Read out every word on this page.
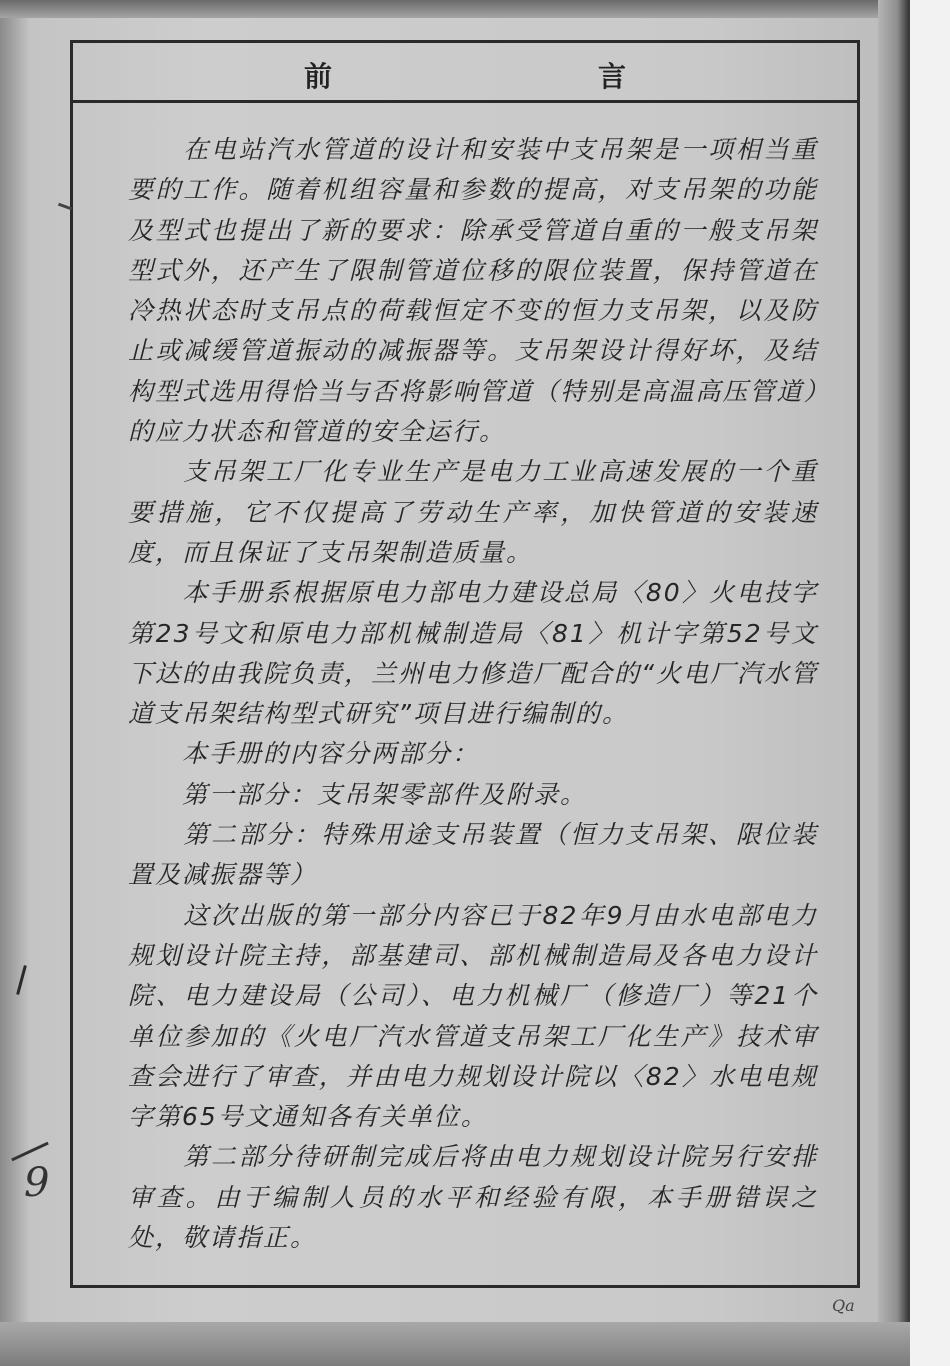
前　　言

　　在电站汽水管道的设计和安装中支吊架是一项相当重要的工作。随着机组容量和参数的提高，对支吊架的功能及型式也提出了新的要求：除承受管道自重的一般支吊架型式外，还产生了限制管道位移的限位装置，保持管道在冷热状态时支吊点的荷载恒定不变的恒力支吊架，以及防止或减缓管道振动的减振器等。支吊架设计得好坏，及结构型式选用得恰当与否将影响管道（特别是高温高压管道）的应力状态和管道的安全运行。

　　支吊架工厂化专业生产是电力工业高速发展的一个重要措施，它不仅提高了劳动生产率，加快管道的安装速度，而且保证了支吊架制造质量。

　　本手册系根据原电力部电力建设总局〈80〉火电技字第23号文和原电力部机械制造局〈81〉机计字第52号文下达的由我院负责，兰州电力修造厂配合的“火电厂汽水管道支吊架结构型式研究”项目进行编制的。

　　本手册的内容分两部分：

　　第一部分：支吊架零部件及附录。

　　第二部分：特殊用途支吊装置（恒力支吊架、限位装置及减振器等）

　　这次出版的第一部分内容已于82年9月由水电部电力规划设计院主持，部基建司、部机械制造局及各电力设计院、电力建设局（公司）、电力机械厂（修造厂）等21个单位参加的《火电厂汽水管道支吊架工厂化生产》技术审查会进行了审查，并由电力规划设计院以〈82〉水电电规字第65号文通知各有关单位。

　　第二部分待研制完成后将由电力规划设计院另行安排审查。由于编制人员的水平和经验有限，本手册错误之处，敬请指正。

9
Qa
